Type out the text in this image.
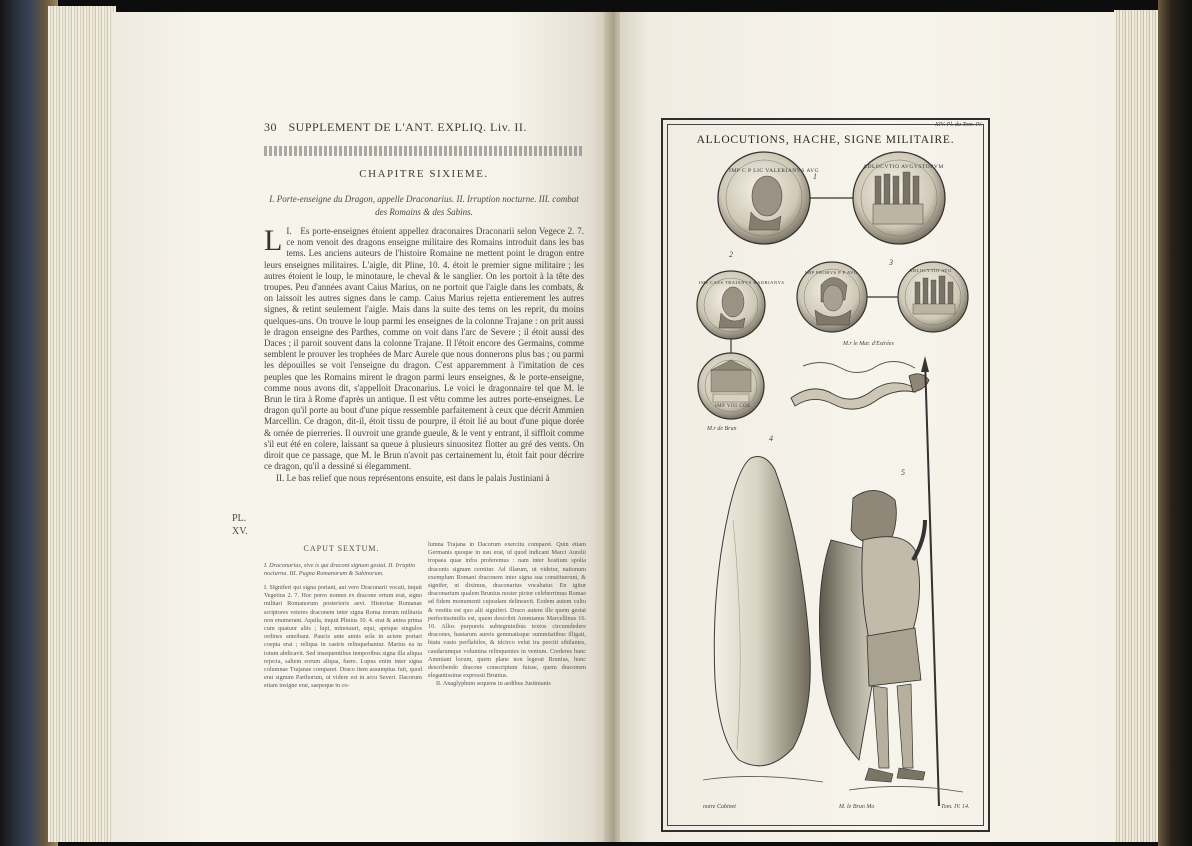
30 SUPPLEMENT DE L'ANT. EXPLIQ. Liv. II.
CHAPITRE SIXIEME.
I. Porte-enseigne du Dragon, appelle Draconarius. II. Irruption nocturne. III. combat des Romains & des Sabins.

I.
L Es porte-enseignes étoient appellez draconaires Draconarii selon Vegece 2. 7. ce nom venoit des dragons enseigne militaire des Romains introduit dans les bas tems. Les anciens auteurs de l'histoire Romaine ne mettent point le dragon entre leurs enseignes militaires. L'aigle, dit Pline, 10. 4. étoit le premier signe militaire ; les autres étoient le loup, le minotaure, le cheval & le sanglier. On les portoit à la tête des troupes. Peu d'années avant Caius Marius, on ne portoit que l'aigle dans les combats, & on laissoit les autres signes dans le camp. Caius Marius rejetta entierement les autres signes, & retint seulement l'aigle. Mais dans la suite des tems on les reprit, du moins quelques-uns. On trouve le loup parmi les enseignes de la colonne Trajane : on prit aussi le dragon enseigne des Parthes, comme on voit dans l'arc de Severe ; il étoit aussi des Daces ; il paroit souvent dans la colonne Trajane. Il l'étoit encore des Germains, comme semblent le prouver les trophées de Marc Aurele que nous donnerons plus bas ; ou parmi les dépouilles se voit l'enseigne du dragon. C'est apparemment à l'imitation de ces peuples que les Romains mirent le dragon parmi leurs enseignes, & le porte-enseigne, comme nous avons dit, s'appelloit Draconarius. Le voici le dragonnaire tel que M. le Brun le tira à Rome d'après un antique. Il est vêtu comme les autres porte-enseignes. Le dragon qu'il porte au bout d'une pique ressemble parfaitement à ceux que décrit Ammien Marcellin. Ce dragon, dit-il, étoit tissu de pourpre, il étoit lié au bout d'une pique dorée & ornée de pierreries. Il ouvroit une grande gueule, & le vent y entrant, il siffloit comme s'il eut été en colere, laissant sa queue à plusieurs sinuositez flotter au gré des vents. On diroit que ce passage, que M. le Brun n'avoit pas certainement lu, étoit fait pour décrire ce dragon, qu'il a dessiné si élegamment.

II. Le bas relief que nous représentons ensuite, est dans le palais Justiniani à

PL. XV.
CAPUT SEXTUM.
I. Draconarius, sive is qui draconi signum gestat. II. Irruptio nocturna. III. Pugna Romanorum & Sabinorum.

I. SIgniferi qui signa portant, aut vero Draconarii vocati, inquit Vegetius 2. 7. Hoc porro nomen ex dracone ortum erat, signo militari Romanorum posterioris aevi. Historiae Romanae scriptores veteres draconem inter signa Roma norum militaria non enumerant. Aquila, inquit Plinius 10. 4. erat & antea prima cum quatuor aliis ; lupi, minotauri, equi, aprique singulos ordines anteibant. Paucis ante annis sola in aciem portari coepta erat ; reliqua in castris relinquebantur. Marius ea in totum abdicavit. Sed insequentibus temporibus signa illa aliqua rejecta, saltem eorum aliqua, fuere. Lupus enim inter signa columnae Trajanae comparet. Draco item assumptus fuit, quod erat signum Parthorum, ut videre est in arcu Severi. Dacorum etiam insigne erat, saepeque in co-

lumna Trajana in Dacorum exercitu comparet. Quin etiam Germanis quoque in usu erat, id quod indicant Marci Aurelii tropaea quae infra proferemus : nam inter hostium spolia draconis signum cernitur. Ad illarum, ut videtur, nationum exemplum Romani draconem inter signa sua constituerunt, & signifer, ut diximus, draconarius vocabatur. En igitur draconarium qualem Brunius noster pictor celeberrimus Romae ad fidem monumenti cujusdam delineavit. Eodem autem cultu & vestitu est quo alii signiferi. Draco autem ille quem gestat perfectissimilis est, quem describit Ammianus Marcellinus 16. 10. Allos purpureis subtegminibus textos circumdedere dracones, hastarum aureis gemmatisque summitatibus illigati, hiatu vasto perflabiles, & idcirco velut ira perciti sibilantes, caudarumque volumina relinquentes in ventum. Crederes hunc Ammiani locum, quem plane non legerat Brunius, hunc describendo dracone conscriptum fuisse, quem draconem elegantissime expressit Brunius.

II. Anaglyphum sequens in aedibus Justinianis

XIV. Pl. du Tom. IV.
ALLOCUTIONS, HACHE, SIGNE MILITAIRE.
1
2
3
4
5
IMP C P LIC VALERIANVS AVG
ADLOCVTIO AVGVSTORVM
IMP CAES TRAIANVS HADRIANVS
IMP VIII COS
IMP PROBVS P F AVG	ADLOCVTIO AVG
M.r le Mar. d'Estrées
M.r de Brun
notre Cabinet	M. le Brun Mo	Tom. IV. 14.
